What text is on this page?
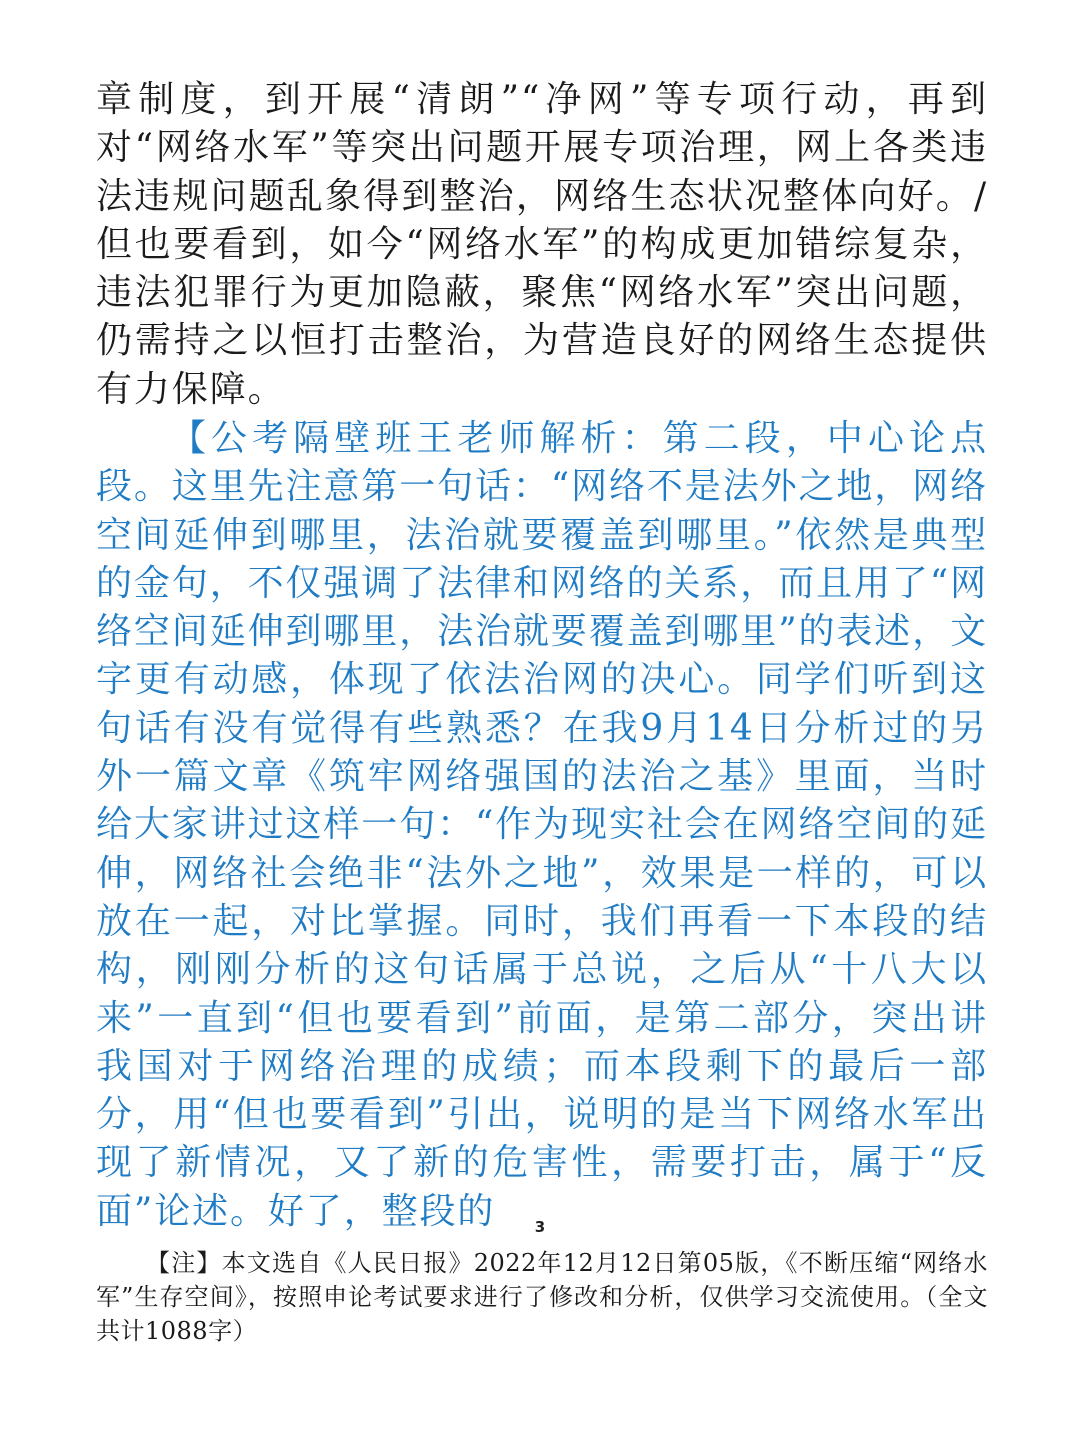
章制度，到开展“清朗”“净网”等专项行动，再到对“网络水军”等突出问题开展专项治理，网上各类违法违规问题乱象得到整治，网络生态状况整体向好。/但也要看到，如今“网络水军”的构成更加错综复杂，违法犯罪行为更加隐蔽，聚焦“网络水军”突出问题，仍需持之以恒打击整治，为营造良好的网络生态提供有力保障。

【公考隔壁班王老师解析：第二段，中心论点段。这里先注意第一句话：“网络不是法外之地，网络空间延伸到哪里，法治就要覆盖到哪里。”依然是典型的金句，不仅强调了法律和网络的关系，而且用了“网络空间延伸到哪里，法治就要覆盖到哪里”的表述，文字更有动感，体现了依法治网的决心。同学们听到这句话有没有觉得有些熟悉？在我9月14日分析过的另外一篇文章《筑牢网络强国的法治之基》里面，当时给大家讲过这样一句：“作为现实社会在网络空间的延伸，网络社会绝非“法外之地”，效果是一样的，可以放在一起，对比掌握。同时，我们再看一下本段的结构，刚刚分析的这句话属于总说，之后从“十八大以来”一直到“但也要看到”前面，是第二部分，突出讲我国对于网络治理的成绩；而本段剩下的最后一部分，用“但也要看到”引出，说明的是当下网络水军出现了新情况，又了新的危害性，需要打击，属于“反面”论述。好了，整段的	3

【注】本文选自《人民日报》2022年12月12日第05版，《不断压缩“网络水军”生存空间》，按照申论考试要求进行了修改和分析，仅供学习交流使用。（全文共计1088字）
